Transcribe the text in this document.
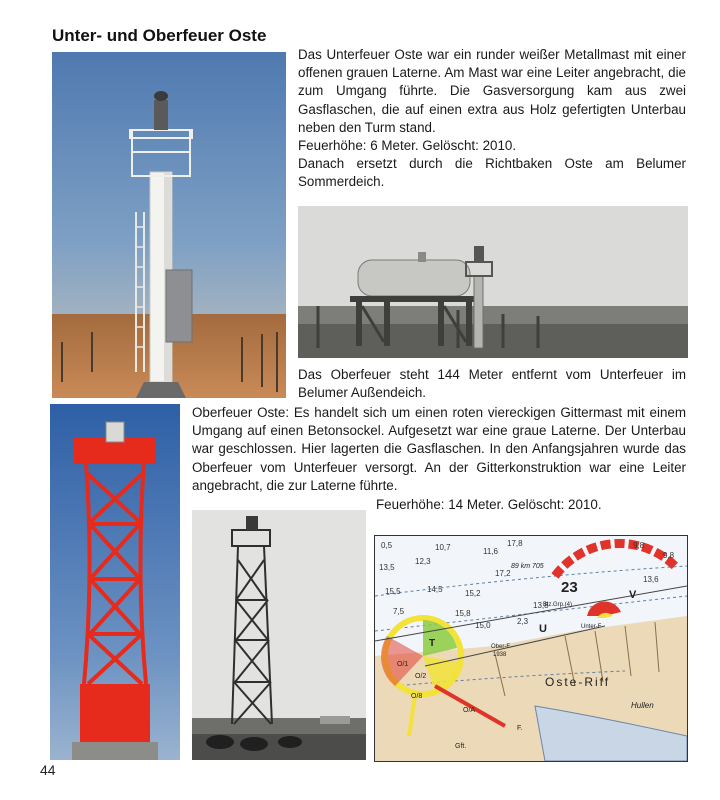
Unter- und Oberfeuer Oste

Das Unterfeuer Oste war ein runder weißer Metallmast mit einer offenen grauen Laterne. Am Mast war eine Leiter angebracht, die zum Umgang führte. Die Gasversorgung kam aus zwei Gasflaschen, die auf einen extra aus Holz gefertigten Unterbau neben den Turm stand.

Feuerhöhe: 6 Meter. Gelöscht: 2010.

Danach ersetzt durch die Richtbaken Oste am Belumer Sommerdeich.

Das Oberfeuer steht 144 Meter entfernt vom Unterfeuer im Belumer Außendeich.

Oberfeuer Oste: Es handelt sich um einen roten viereckigen Gittermast mit einem Umgang auf einen Betonsockel. Aufgesetzt war eine graue Laterne. Der Unterbau war geschlossen. Hier lagerten die Gasflaschen. In den Anfangsjahren wurde das Oberfeuer vom Unterfeuer versorgt. An der Gitterkonstruktion war eine Leiter angebracht, die zur Laterne führte.

Feuerhöhe: 14 Meter. Gelöscht: 2010.

0,5	10,7	11,6
17,8	9,8
9,8
12,3
13,5
15,5	14,5
13,6
15,2
15,8
17,2
15,0
13,8
2,3
7,5
23
89 km 705
Blz.Grp.(4)
T
U
V
O/1
O/2
O/8
O/A
Oste-Riff
Ober-F
1938
Unter-F
Hullen
Gft.
F.
44
